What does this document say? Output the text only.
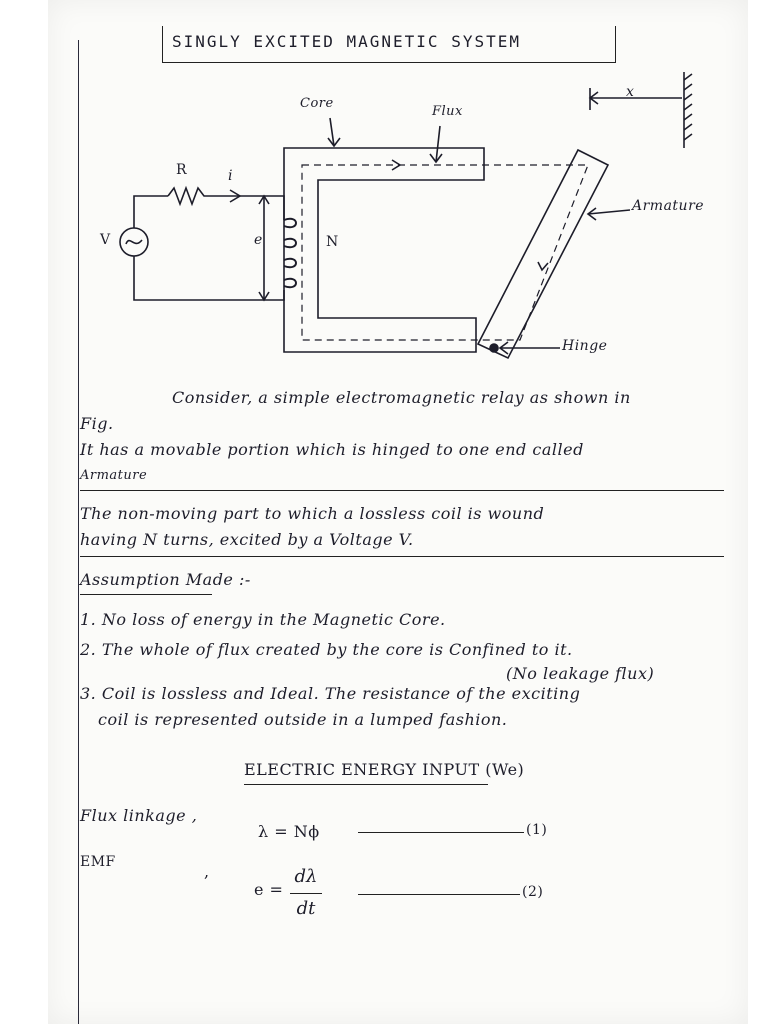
SINGLY EXCITED MAGNETIC SYSTEM
Core
Flux
R	i
V	e	N
x
Armature
Hinge
Consider, a simple electromagnetic relay as shown in
Fig.
It has a movable portion which is hinged to one end called
Armature
The non-moving part to which a lossless coil is wound
having N turns, excited by a Voltage V.
Assumption Made :-
1. No loss of energy in the Magnetic Core.
2. The whole of flux created by the core is Confined to it.
(No leakage flux)
3. Coil is lossless and Ideal. The resistance of the exciting
coil is represented outside in a lumped fashion.
ELECTRIC ENERGY INPUT (We)
Flux linkage ,
λ = Nϕ	(1)
EMF	,
e =
dλ
dt
(2)
